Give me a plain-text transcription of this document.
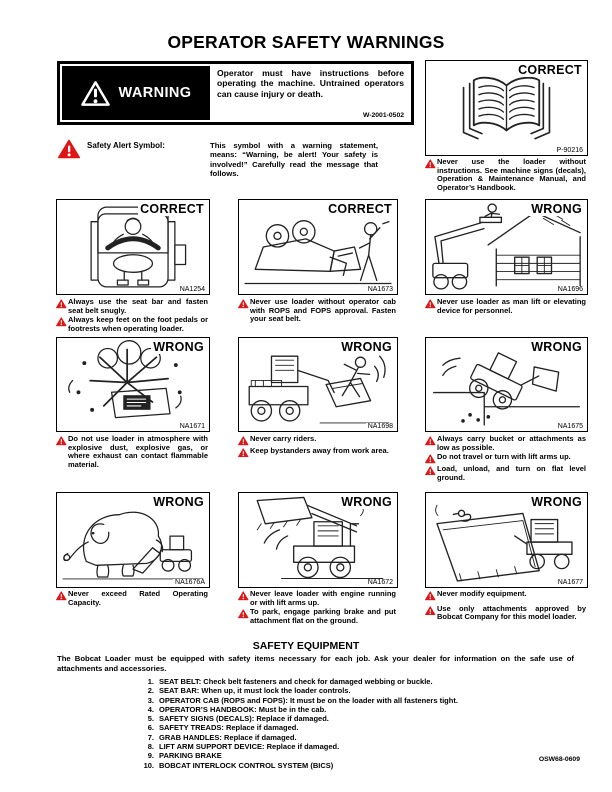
OPERATOR SAFETY WARNINGS
WARNING
Operator must have instructions before operating the machine. Untrained operators can cause injury or death.
W-2001-0502
Safety Alert Symbol:	This symbol with a warning statement, means: “Warning, be alert! Your safety is involved!” Carefully read the message that follows.
CORRECT
P-90216
Never use the loader without instructions. See machine signs (decals), Operation & Maintenance Manual, and Operator’s Handbook.
CORRECT
NA1254
Always use the seat bar and fasten seat belt snugly.
Always keep feet on the foot pedals or footrests when operating loader.
CORRECT
NA1673
Never use loader without operator cab with ROPS and FOPS approval. Fasten your seat belt.
WRONG
NA1696
Never use loader as man lift or elevating device for personnel.
WRONG
NA1671
Do not use loader in atmosphere with explosive dust, explosive gas, or where exhaust can contact flammable material.
WRONG
NA1698
Never carry riders.
Keep bystanders away from work area.
WRONG
NA1675
Always carry bucket or attachments as low as possible.
Do not travel or turn with lift arms up.
Load, unload, and turn on flat level ground.
WRONG
NA1676A
Never exceed Rated Operating Capacity.
WRONG
NA1672
Never leave loader with engine running or with lift arms up.
To park, engage parking brake and put attachment flat on the ground.
WRONG
NA1677
Never modify equipment.
Use only attachments approved by Bobcat Company for this model loader.
SAFETY EQUIPMENT
The Bobcat Loader must be equipped with safety items necessary for each job. Ask your dealer for information on the safe use of attachments and accessories.
1. SEAT BELT: Check belt fasteners and check for damaged webbing or buckle.
2. SEAT BAR: When up, it must lock the loader controls.
3. OPERATOR CAB (ROPS and FOPS): It must be on the loader with all fasteners tight.
4. OPERATOR’S HANDBOOK: Must be in the cab.
5. SAFETY SIGNS (DECALS): Replace if damaged.
6. SAFETY TREADS: Replace if damaged.
7. GRAB HANDLES: Replace if damaged.
8. LIFT ARM SUPPORT DEVICE: Replace if damaged.
9. PARKING BRAKE
10. BOBCAT INTERLOCK CONTROL SYSTEM (BICS)
OSW68-0609
